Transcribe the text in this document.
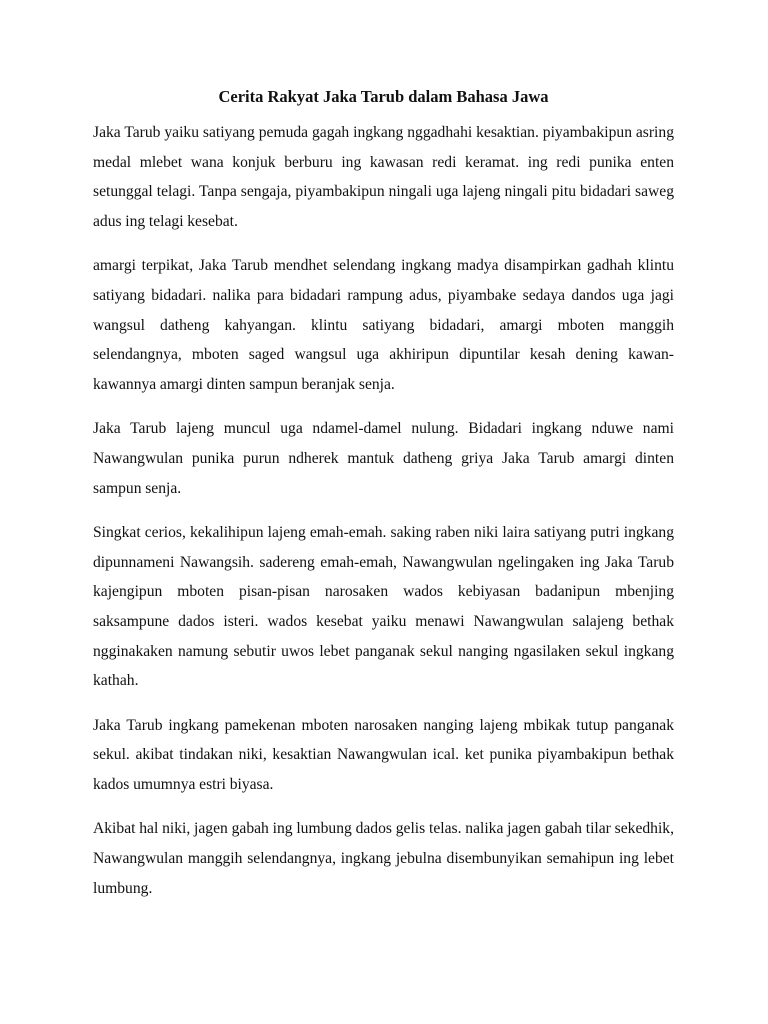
Cerita Rakyat Jaka Tarub dalam Bahasa Jawa

Jaka Tarub yaiku satiyang pemuda gagah ingkang nggadhahi kesaktian. piyambakipun asring medal mlebet wana konjuk berburu ing kawasan redi keramat. ing redi punika enten setunggal telagi. Tanpa sengaja, piyambakipun ningali uga lajeng ningali pitu bidadari saweg adus ing telagi kesebat.

amargi terpikat, Jaka Tarub mendhet selendang ingkang madya disampirkan gadhah klintu satiyang bidadari. nalika para bidadari rampung adus, piyambake sedaya dandos uga jagi wangsul datheng kahyangan. klintu satiyang bidadari, amargi mboten manggih selendangnya, mboten saged wangsul uga akhiripun dipuntilar kesah dening kawan-kawannya amargi dinten sampun beranjak senja.

Jaka Tarub lajeng muncul uga ndamel-damel nulung. Bidadari ingkang nduwe nami Nawangwulan punika purun ndherek mantuk datheng griya Jaka Tarub amargi dinten sampun senja.

Singkat cerios, kekalihipun lajeng emah-emah. saking raben niki laira satiyang putri ingkang dipunnameni Nawangsih. sadereng emah-emah, Nawangwulan ngelingaken ing Jaka Tarub kajengipun mboten pisan-pisan narosaken wados kebiyasan badanipun mbenjing saksampune dados isteri. wados kesebat yaiku menawi Nawangwulan salajeng bethak ngginakaken namung sebutir uwos lebet panganak sekul nanging ngasilaken sekul ingkang kathah.

Jaka Tarub ingkang pamekenan mboten narosaken nanging lajeng mbikak tutup panganak sekul. akibat tindakan niki, kesaktian Nawangwulan ical. ket punika piyambakipun bethak kados umumnya estri biyasa.

Akibat hal niki, jagen gabah ing lumbung dados gelis telas. nalika jagen gabah tilar sekedhik, Nawangwulan manggih selendangnya, ingkang jebulna disembunyikan semahipun ing lebet lumbung.
